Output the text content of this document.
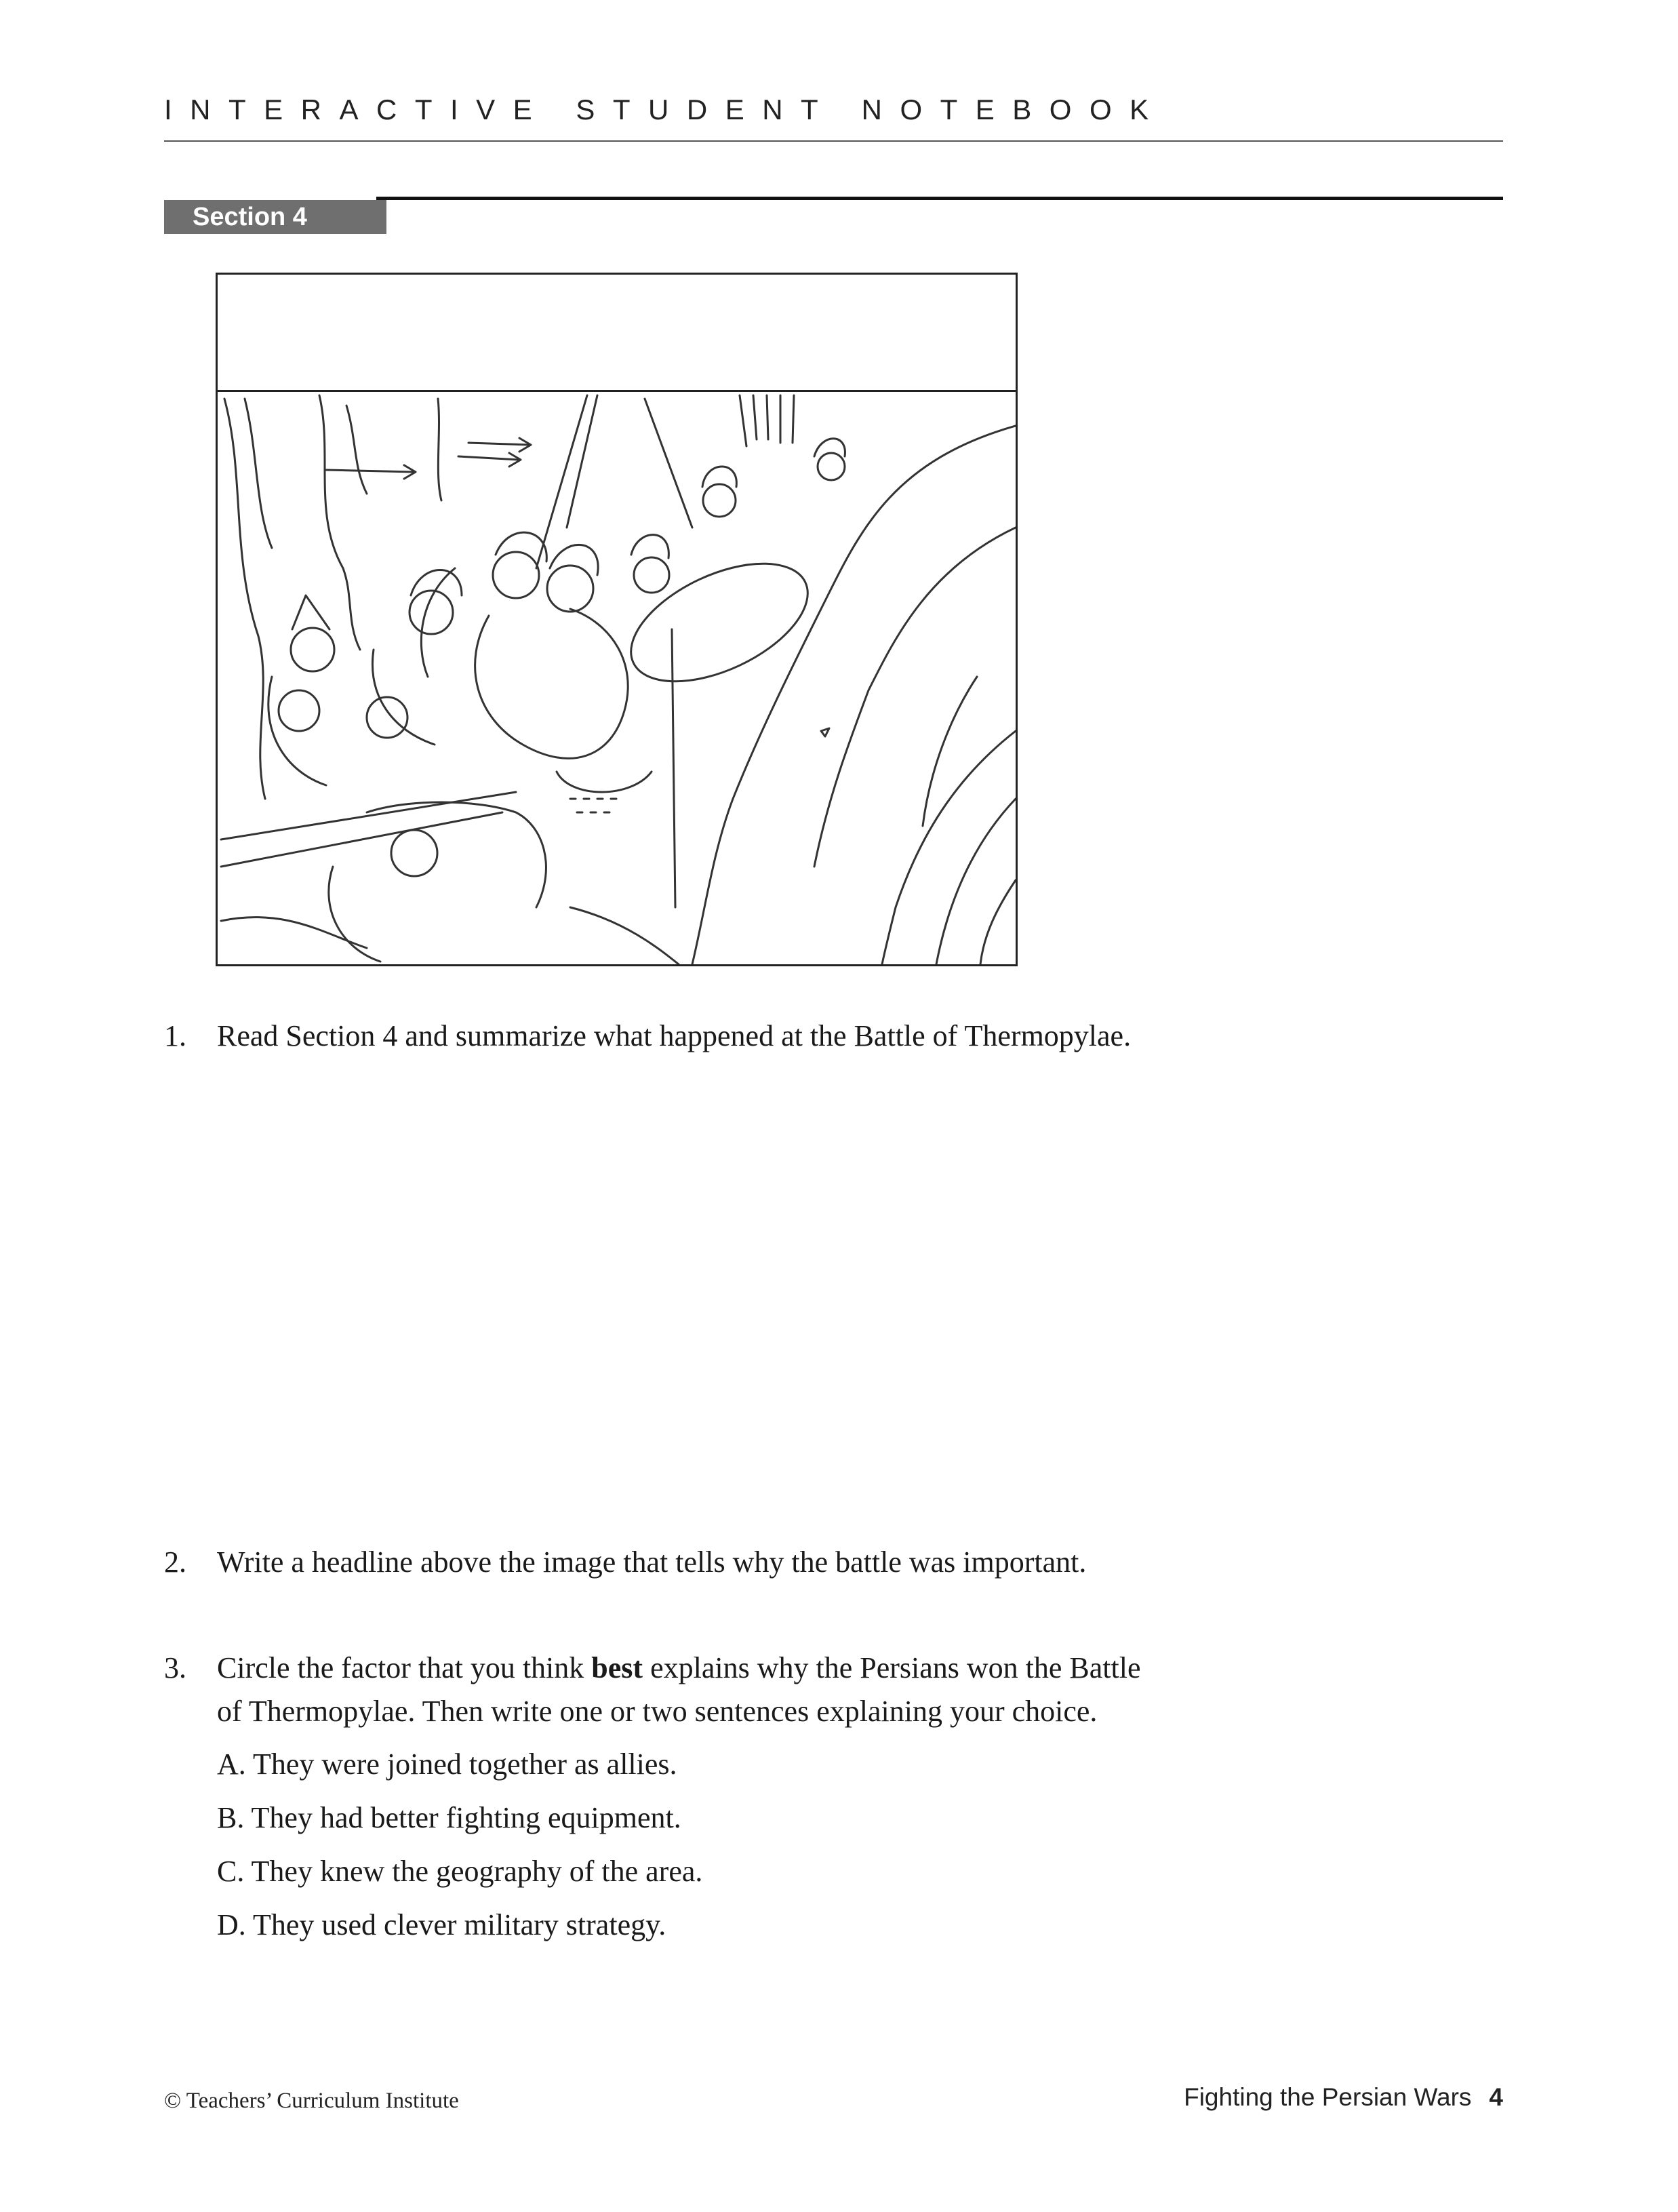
INTERACTIVE STUDENT NOTEBOOK
Section 4
1. Read Section 4 and summarize what happened at the Battle of Thermopylae.
2. Write a headline above the image that tells why the battle was important.
3. Circle the factor that you think best explains why the Persians won the Battle
of Thermopylae. Then write one or two sentences explaining your choice.
A. They were joined together as allies.
B. They had better fighting equipment.
C. They knew the geography of the area.
D. They used clever military strategy.
© Teachers’ Curriculum Institute	Fighting the Persian Wars 4
